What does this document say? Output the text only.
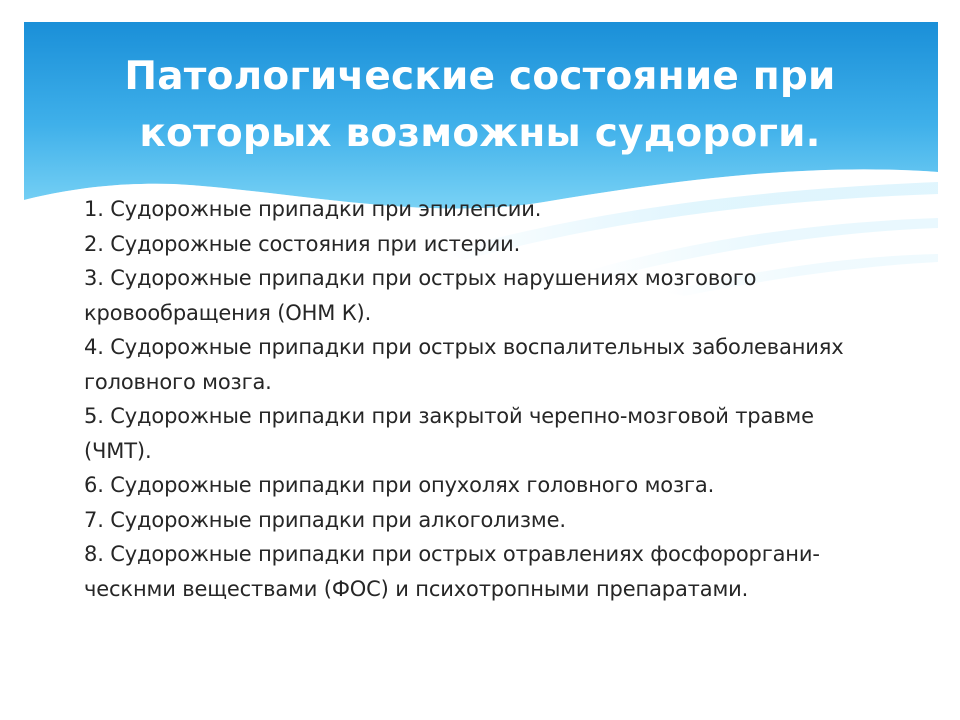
Патологические состояние при
которых возможны судороги.
1. Судорожные припадки при эпилепсии.
2. Судорожные состояния при истерии.
3. Судорожные припадки при острых нарушениях мозгового кровообращения (ОНМ К).
4. Судорожные припадки при острых воспалительных заболеваниях головного мозга.
5. Судорожные припадки при закрытой черепно-мозговой травме (ЧМТ).
6. Судорожные припадки при опухолях головного мозга.
7. Судорожные припадки при алкоголизме.
8. Судорожные припадки при острых отравлениях фосфороргани-ческнми веществами (ФОС) и психотропными препаратами.
